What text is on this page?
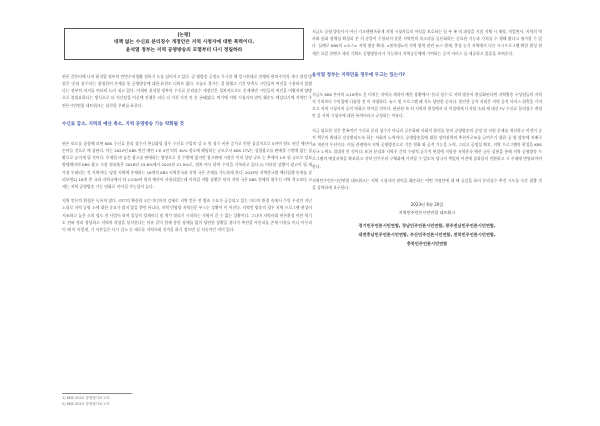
[논평]
대책 없는 수신료 분리징수 개정안은 지역 시청자에 대한 폭력이다.
윤석열 정부는 지역 공영방송의 모멸부터 다시 정립하라

연론 갈등이에 나선 윤석열 정부의 만만주의생활 정하기 도를 넘어서고 있다. 공 영방송 공정도 무시한 채 일시천대로 진행된 편의주의적 개시 결정 방침은 '분리 징수'라는 위험한의 존재를 통 공영방송에 대한 표현도 디버트 없다. 오늘도 불가는 결 합했고 기간 단축도 시민들의 여건을 수용하지 않겠다는 정부의 의지를 여타히 드러 내고 있다. 이제된 윤석열 정부의 수신료 분리징수 개정안은 절차적으로도 문제제반 시민들의 여건을 이왕지게 양방으로 불필요하다는 방식으로 더 지난달을 이중에 진행은 더다 더 거친 가진 것 못 곤래섰다. 여기에 지역 시청자의 권익 훼손도 예상되기에 지역언 주연론시민연합 네트워크는 심각한 우려를 표한다.

수신료 감소, 지역의 예산 축소, 지역 공영방송 기능 약화될 것

연론 보도를 종합해 보면 KBS 수신료 분리 징수가 현실화될 경우 수신료 수입의 감 소 및 징수 비용 증가로 인한 실질적으로 5천여 원도 연간 예산이 손어들 것으로 예 상된다. 이는 2022년 KBS 연간 예산 1조 5천 억의 30% 정도에 해당하는 규모로서 KBS 1TV는 상업광고를 판매할 수밖에 없는 상황으로 놓이게 될 것이다. 투제한 바 꿈은 광고를 판매하는 방향으로 갈 수밖에 없지만 광고판매 시장은 이미 상당 규모 는 추세이 1조 원 규모로 당보 양텔레비의 KBS 광고 시장 점유율은 2018년 25.8%에서 2022년 21.9%로, 점차 아닌 하여 수익을 기록하고 있다.1) 이러한 상황이 광고이 될 제 가장 우려되는 것 지역이다. 당장 지역에 존재하는 18개의 KBS 지역총국과 지역 국은 존재를 가능하게 한다. 2019년 지역총국별 예산집행 통계를 살펴보면2) 18개 총 국과 지역국에서 약 2,530여 원의 예산이 사용되었는데 이희렬 지방 상황은 약지 지역 국은 KBS 전체의 위주신 지역 축소보다 크게는 지역 공영방송 기능 약화로 이어질 가능성이 높다.

지역 언론의 환경은 녹록치 않다. OTT의 확산과 1인 미디어의 강세로 지역 언론 전 병즈 수요가 급증되고 있는 미디어 환경 속에서 수익 우선인 지난 노리로 지역 공영 소에 대한 중요가 많지 않을 뿐만 아니라, 지역 민영방 지역신문 부스는 상황이 이 어진다. 지역민 방송의 경우 지역 프로그램 편성이 저조하고 높은 소의 정도 전 사업이 하며 일상적 경제미디 및 계가 열리기 시작하는 지역이 갈 수 없는 상황이다. 그나마 지역사회 연론환경 이란 역기도 전혀 정리 정당하고 지역의 작성을 설사한다는 이유 같이 함께 통한 장애를 없이 당연한 상황을 겪다가 추진할 사인리를 존재 이유를 이나 아무리 이 때 이 이렇게, 기 자본들은 다시 감소 중 새로운 지역사회 진격을 하기 정도면 실 지속적인 의미 있다.

지금도 공영 방송사가 아닌 기크렌텐츠하게 지역 시청자들의 이익을 보호하는 힘 부 족 의 과정을 거침 지체 시 재정, 직업면서, 지역의 역사와 통화 정체성 확성되 분 지 중앙이 수항되지 못한 지역민의 목소리를 공론화하는 중요한 기능과 가치를 수 행해 왔다고 평가할 수 있다. 실례로 KBS의 <소스> 지역 방송 확대. <봄학생>의 지역 방역 관련 뉴스 현재, 충칭 농기 지역에서 다른 시시프로그램 확한 편성 현재은 요일 콘텐츠 제작 기획도 공영방송사가 기능하다 지역공동체에 기여하는 공적 서비스 를 제공하고 있음을 보여준다.

윤석열 정부는 지역민을 정두에 두고는 있는가?

지금도 KBS 본사의 1/10에도 못 미치는 지역국 제작비 예산 상황에서 '분리 징수'로 지역 방송이 현실화된다면 지역방송 구성원들의 지역적 가치보다 수익성에 다름할 것 이 자명하다. 뉴스 및 프로그램 폐 지도 당연한 순서다. 불안한 공적 지원은 지역 공적 서비스 위축을 가져오고 지역 시청자의 공적 약화로 이어질 것이다. 현된원 특 히 지역의 편성에서 더 이상에게 디지털 소외 제 대신 TV 수신료 분리징수 개정안 을 지역 시청자에 대한 폭력이라고 규정하는 이유다.

지금 필요한 것은 충족적인 수신료 분리 징수가 아니라 공론화와 사회적 합의를 통의 공영방송의 공정 및 지원 문제를 개선하고 이것이 공적 책무의 확대로 선순환되도록 하는 사회적 노력이다. 공영방송을에 대한 정치권력의 추천자구조를 급여주기 위한 공 영 방송에 지배구조 개선이 우선이다. 이를 관점에서 지역 공영방송으로 기간 약화 와 공적 기능을 노력, 그리고 공정성 확보, 지역 프로그램의 편성을 KBS 지국 노력도 절대적 인 것이다. 또한 분리과 지역주 간의 수평적-공기적 연결에 적합한 지역총국 예산 균등 실현을 통해 지역 공영방송 프로그램의 예상지역을 확보하고 지역 민주주의 구체화에 기여할 수 있도록 당국적 책임의 이전에 결과물이 전환하고 시 주제에 반영되어야 한다.

지역민주언론시민연합 네트워크는 지역 시청자의 권익을 훼손하는 어떤 가정안에 대 해 공감을 표어 분리징수 추진 시도를 즉각 철출 것을 강력하게 요구한다.

2023년 6월 20일
지역민주언론시민연합 네트워크
경기민주언론시민연합, 경남민주언론시민연합, 광주전남민주언론시민연합,
대전충남민주언론시민연합, 부산민주언론시민연합, 전북민주언론시민연합,
충북민주언론시민연합
1) KBS 2022 경영평가보고서
2) KBS 2019 경영평가보고서
